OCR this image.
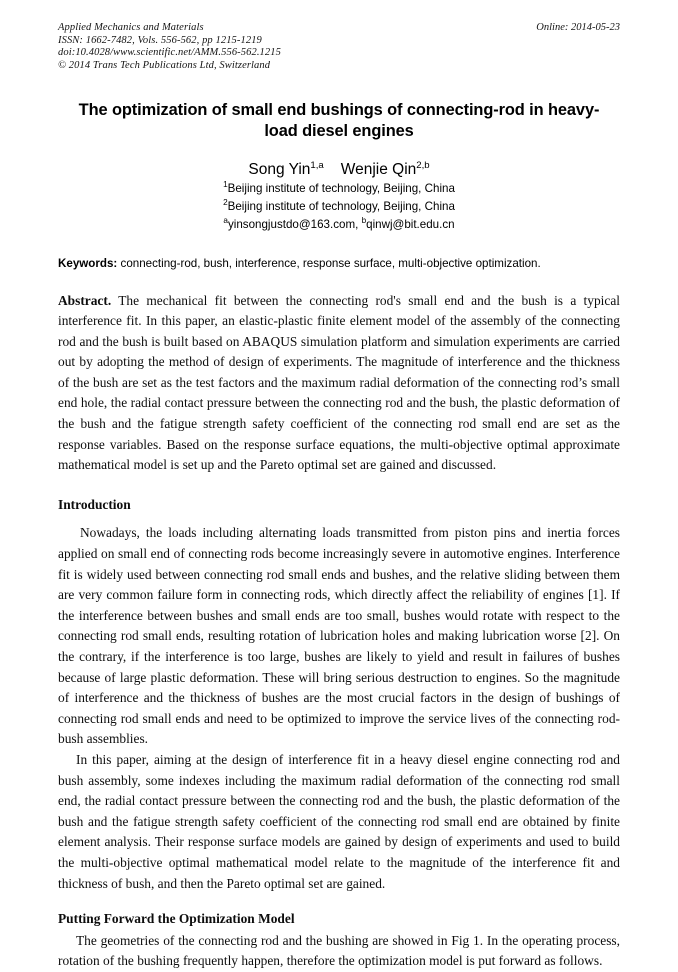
Applied Mechanics and Materials
ISSN: 1662-7482, Vols. 556-562, pp 1215-1219
doi:10.4028/www.scientific.net/AMM.556-562.1215
© 2014 Trans Tech Publications Ltd, Switzerland
Online: 2014-05-23
The optimization of small end bushings of connecting-rod in heavy-load diesel engines
Song Yin$^{1,a}$ Wenjie Qin$^{2,b}$
$^1$Beijing institute of technology, Beijing, China
$^2$Beijing institute of technology, Beijing, China
$^a$yinsongjustdo@163.com, $^b$qinwj@bit.edu.cn
Keywords: connecting-rod, bush, interference, response surface, multi-objective optimization.
Abstract. The mechanical fit between the connecting rod's small end and the bush is a typical interference fit. In this paper, an elastic-plastic finite element model of the assembly of the connecting rod and the bush is built based on ABAQUS simulation platform and simulation experiments are carried out by adopting the method of design of experiments. The magnitude of interference and the thickness of the bush are set as the test factors and the maximum radial deformation of the connecting rod’s small end hole, the radial contact pressure between the connecting rod and the bush, the plastic deformation of the bush and the fatigue strength safety coefficient of the connecting rod small end are set as the response variables. Based on the response surface equations, the multi-objective optimal approximate mathematical model is set up and the Pareto optimal set are gained and discussed.
Introduction

Nowadays, the loads including alternating loads transmitted from piston pins and inertia forces applied on small end of connecting rods become increasingly severe in automotive engines. Interference fit is widely used between connecting rod small ends and bushes, and the relative sliding between them are very common failure form in connecting rods, which directly affect the reliability of engines [1]. If the interference between bushes and small ends are too small, bushes would rotate with respect to the connecting rod small ends, resulting rotation of lubrication holes and making lubrication worse [2]. On the contrary, if the interference is too large, bushes are likely to yield and result in failures of bushes because of large plastic deformation. These will bring serious destruction to engines. So the magnitude of interference and the thickness of bushes are the most crucial factors in the design of bushings of connecting rod small ends and need to be optimized to improve the service lives of the connecting rod-bush assemblies.

In this paper, aiming at the design of interference fit in a heavy diesel engine connecting rod and bush assembly, some indexes including the maximum radial deformation of the connecting rod small end, the radial contact pressure between the connecting rod and the bush, the plastic deformation of the bush and the fatigue strength safety coefficient of the connecting rod small end are obtained by finite element analysis. Their response surface models are gained by design of experiments and used to build the multi-objective optimal mathematical model relate to the magnitude of the interference fit and thickness of bush, and then the Pareto optimal set are gained.

Putting Forward the Optimization Model

The geometries of the connecting rod and the bushing are showed in Fig 1. In the operating process, rotation of the bushing frequently happen, therefore the optimization model is put forward as follows.
